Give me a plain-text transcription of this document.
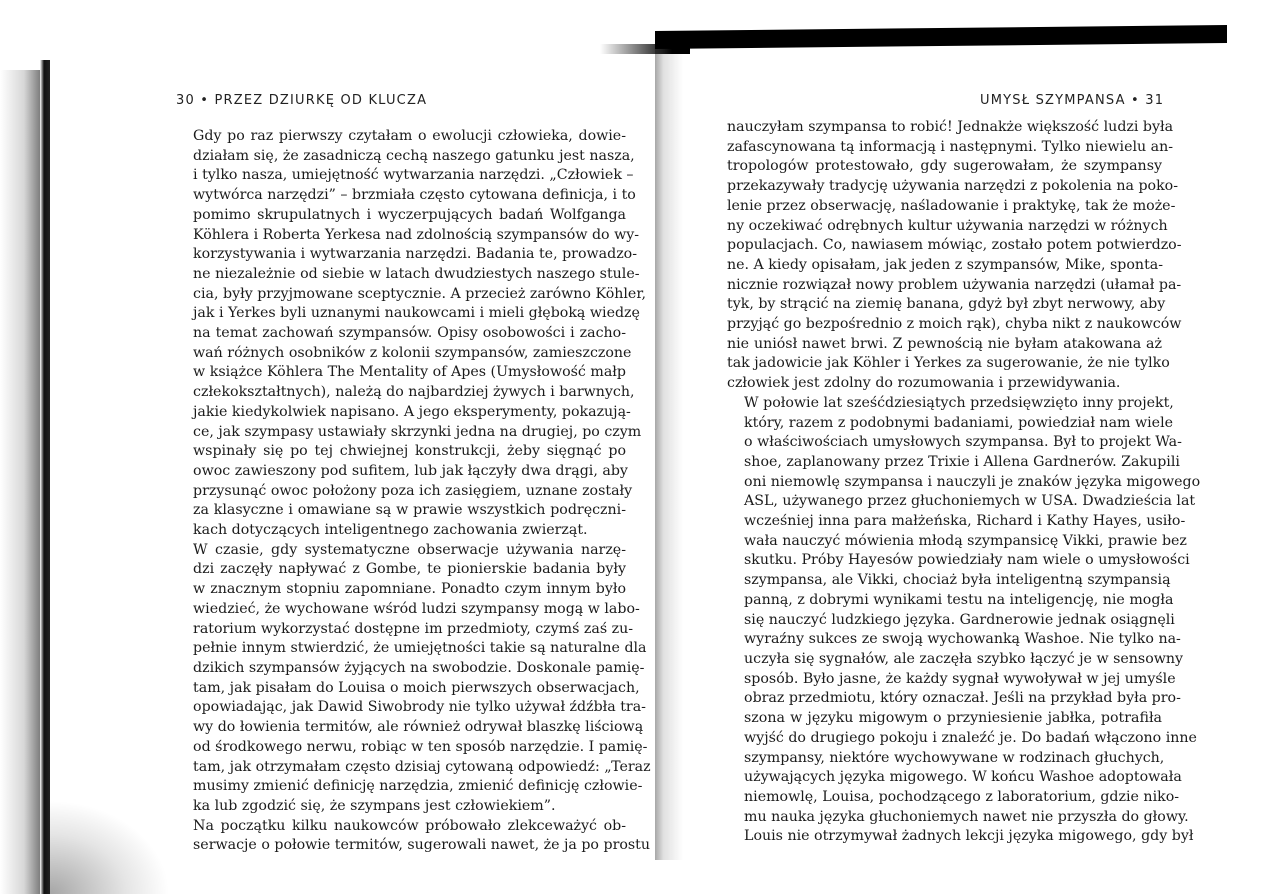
30 • PRZEZ DZIURKĘ OD KLUCZA	UMYSŁ SZYMPANSA • 31

Gdy po raz pierwszy czytałam o ewolucji człowieka, dowie-
działam się, że zasadniczą cechą naszego gatunku jest nasza,
i tylko nasza, umiejętność wytwarzania narzędzi. „Człowiek –
wytwórca narzędzi” – brzmiała często cytowana definicja, i to
pomimo skrupulatnych i wyczerpujących badań Wolfganga
Köhlera i Roberta Yerkesa nad zdolnością szympansów do wy-
korzystywania i wytwarzania narzędzi. Badania te, prowadzo-
ne niezależnie od siebie w latach dwudziestych naszego stule-
cia, były przyjmowane sceptycznie. A przecież zarówno Köhler,
jak i Yerkes byli uznanymi naukowcami i mieli głęboką wiedzę
na temat zachowań szympansów. Opisy osobowości i zacho-
wań różnych osobników z kolonii szympansów, zamieszczone
w książce Köhlera The Mentality of Apes (Umysłowość małp
człekokształtnych), należą do najbardziej żywych i barwnych,
jakie kiedykolwiek napisano. A jego eksperymenty, pokazują-
ce, jak szympasy ustawiały skrzynki jedna na drugiej, po czym
wspinały się po tej chwiejnej konstrukcji, żeby sięgnąć po
owoc zawieszony pod sufitem, lub jak łączyły dwa drągi, aby
przysunąć owoc położony poza ich zasięgiem, uznane zostały
za klasyczne i omawiane są w prawie wszystkich podręczni-
kach dotyczących inteligentnego zachowania zwierząt.

W czasie, gdy systematyczne obserwacje używania narzę-
dzi zaczęły napływać z Gombe, te pionierskie badania były
w znacznym stopniu zapomniane. Ponadto czym innym było
wiedzieć, że wychowane wśród ludzi szympansy mogą w labo-
ratorium wykorzystać dostępne im przedmioty, czymś zaś zu-
pełnie innym stwierdzić, że umiejętności takie są naturalne dla
dzikich szympansów żyjących na swobodzie. Doskonale pamię-
tam, jak pisałam do Louisa o moich pierwszych obserwacjach,
opowiadając, jak Dawid Siwobrody nie tylko używał źdźbła tra-
wy do łowienia termitów, ale również odrywał blaszkę liściową
od środkowego nerwu, robiąc w ten sposób narzędzie. I pamię-
tam, jak otrzymałam często dzisiaj cytowaną odpowiedź: „Teraz
musimy zmienić definicję narzędzia, zmienić definicję człowie-
ka lub zgodzić się, że szympans jest człowiekiem”.

Na początku kilku naukowców próbowało zlekceważyć ob-
serwacje o połowie termitów, sugerowali nawet, że ja po prostu

nauczyłam szympansa to robić! Jednakże większość ludzi była
zafascynowana tą informacją i następnymi. Tylko niewielu an-
tropologów protestowało, gdy sugerowałam, że szympansy
przekazywały tradycję używania narzędzi z pokolenia na poko-
lenie przez obserwację, naśladowanie i praktykę, tak że może-
ny oczekiwać odrębnych kultur używania narzędzi w różnych
populacjach. Co, nawiasem mówiąc, zostało potem potwierdzo-
ne. A kiedy opisałam, jak jeden z szympansów, Mike, sponta-
nicznie rozwiązał nowy problem używania narzędzi (ułamał pa-
tyk, by strącić na ziemię banana, gdyż był zbyt nerwowy, aby
przyjąć go bezpośrednio z moich rąk), chyba nikt z naukowców
nie uniósł nawet brwi. Z pewnością nie byłam atakowana aż
tak jadowicie jak Köhler i Yerkes za sugerowanie, że nie tylko
człowiek jest zdolny do rozumowania i przewidywania.

W połowie lat sześćdziesiątych przedsięwzięto inny projekt,
który, razem z podobnymi badaniami, powiedział nam wiele
o właściwościach umysłowych szympansa. Był to projekt Wa-
shoe, zaplanowany przez Trixie i Allena Gardnerów. Zakupili
oni niemowlę szympansa i nauczyli je znaków języka migowego
ASL, używanego przez głuchoniemych w USA. Dwadzieścia lat
wcześniej inna para małżeńska, Richard i Kathy Hayes, usiło-
wała nauczyć mówienia młodą szympansicę Vikki, prawie bez
skutku. Próby Hayesów powiedziały nam wiele o umysłowości
szympansa, ale Vikki, chociaż była inteligentną szympansią
panną, z dobrymi wynikami testu na inteligencję, nie mogła
się nauczyć ludzkiego języka. Gardnerowie jednak osiągnęli
wyraźny sukces ze swoją wychowanką Washoe. Nie tylko na-
uczyła się sygnałów, ale zaczęła szybko łączyć je w sensowny
sposób. Było jasne, że każdy sygnał wywoływał w jej umyśle
obraz przedmiotu, który oznaczał. Jeśli na przykład była pro-
szona w języku migowym o przyniesienie jabłka, potrafiła
wyjść do drugiego pokoju i znaleźć je. Do badań włączono inne
szympansy, niektóre wychowywane w rodzinach głuchych,
używających języka migowego. W końcu Washoe adoptowała
niemowlę, Louisa, pochodzącego z laboratorium, gdzie niko-
mu nauka języka głuchoniemych nawet nie przyszła do głowy.
Louis nie otrzymywał żadnych lekcji języka migowego, gdy był
